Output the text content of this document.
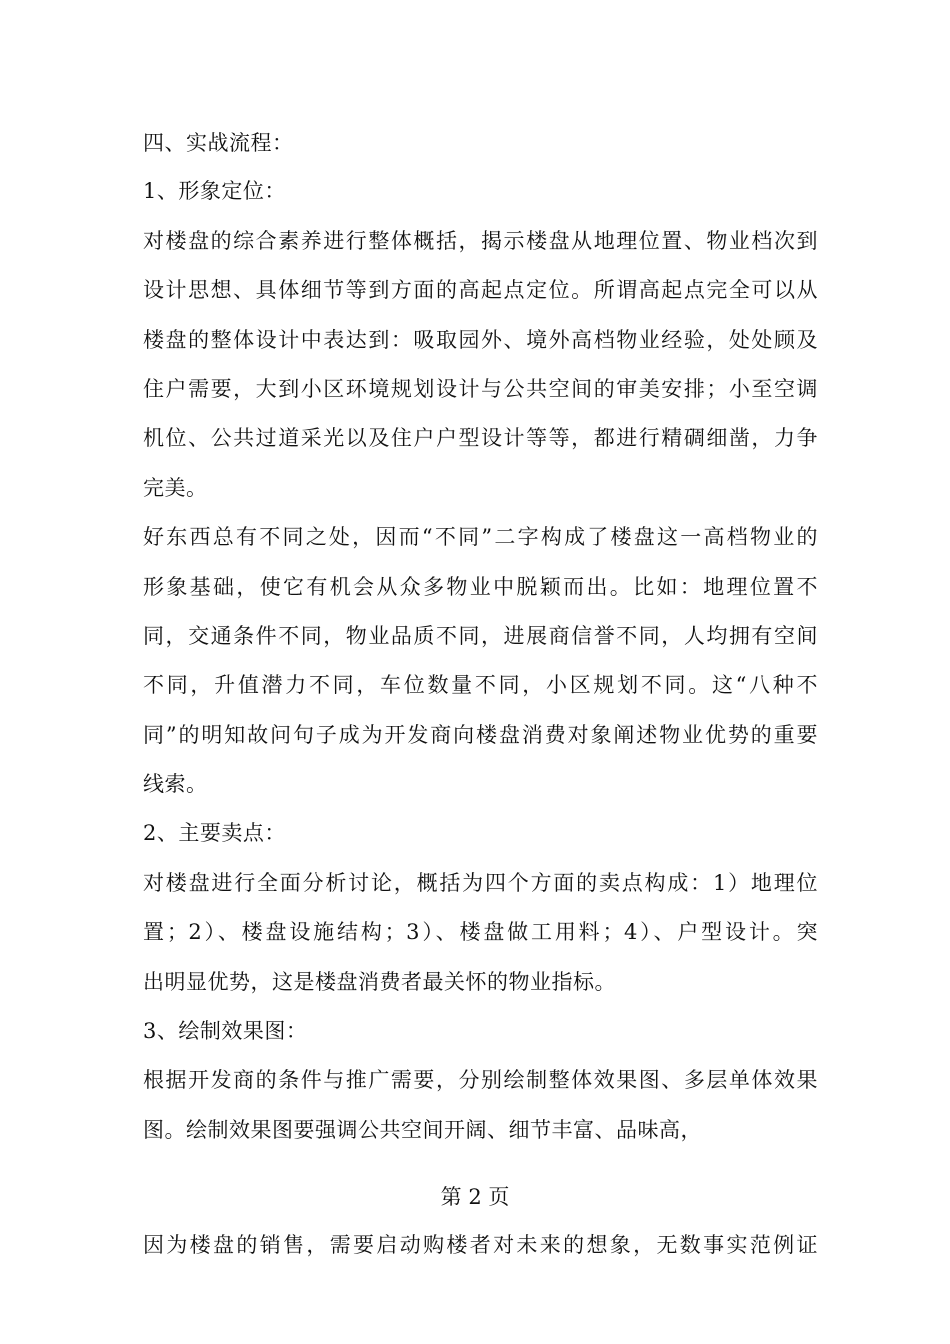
四、实战流程：
1、形象定位：
对楼盘的综合素养进行整体概括，揭示楼盘从地理位置、物业档次到
设计思想、具体细节等到方面的高起点定位。所谓高起点完全可以从
楼盘的整体设计中表达到：吸取园外、境外高档物业经验，处处顾及
住户需要，大到小区环境规划设计与公共空间的审美安排；小至空调
机位、公共过道采光以及住户户型设计等等，都进行精碉细凿，力争
完美。
好东西总有不同之处，因而“不同”二字构成了楼盘这一高档物业的
形象基础，使它有机会从众多物业中脱颖而出。比如：地理位置不
同，交通条件不同，物业品质不同，进展商信誉不同，人均拥有空间
不同，升值潜力不同，车位数量不同，小区规划不同。这“八种不
同”的明知故问句子成为开发商向楼盘消费对象阐述物业优势的重要
线索。
2、主要卖点：
对楼盘进行全面分析讨论，概括为四个方面的卖点构成：1）地理位
置；2）、楼盘设施结构；3）、楼盘做工用料；4）、户型设计。突
出明显优势，这是楼盘消费者最关怀的物业指标。
3、绘制效果图：
根据开发商的条件与推广需要，分别绘制整体效果图、多层单体效果
图。绘制效果图要强调公共空间开阔、细节丰富、品味高，
第 2 页
因为楼盘的销售，需要启动购楼者对未来的想象，无数事实范例证
